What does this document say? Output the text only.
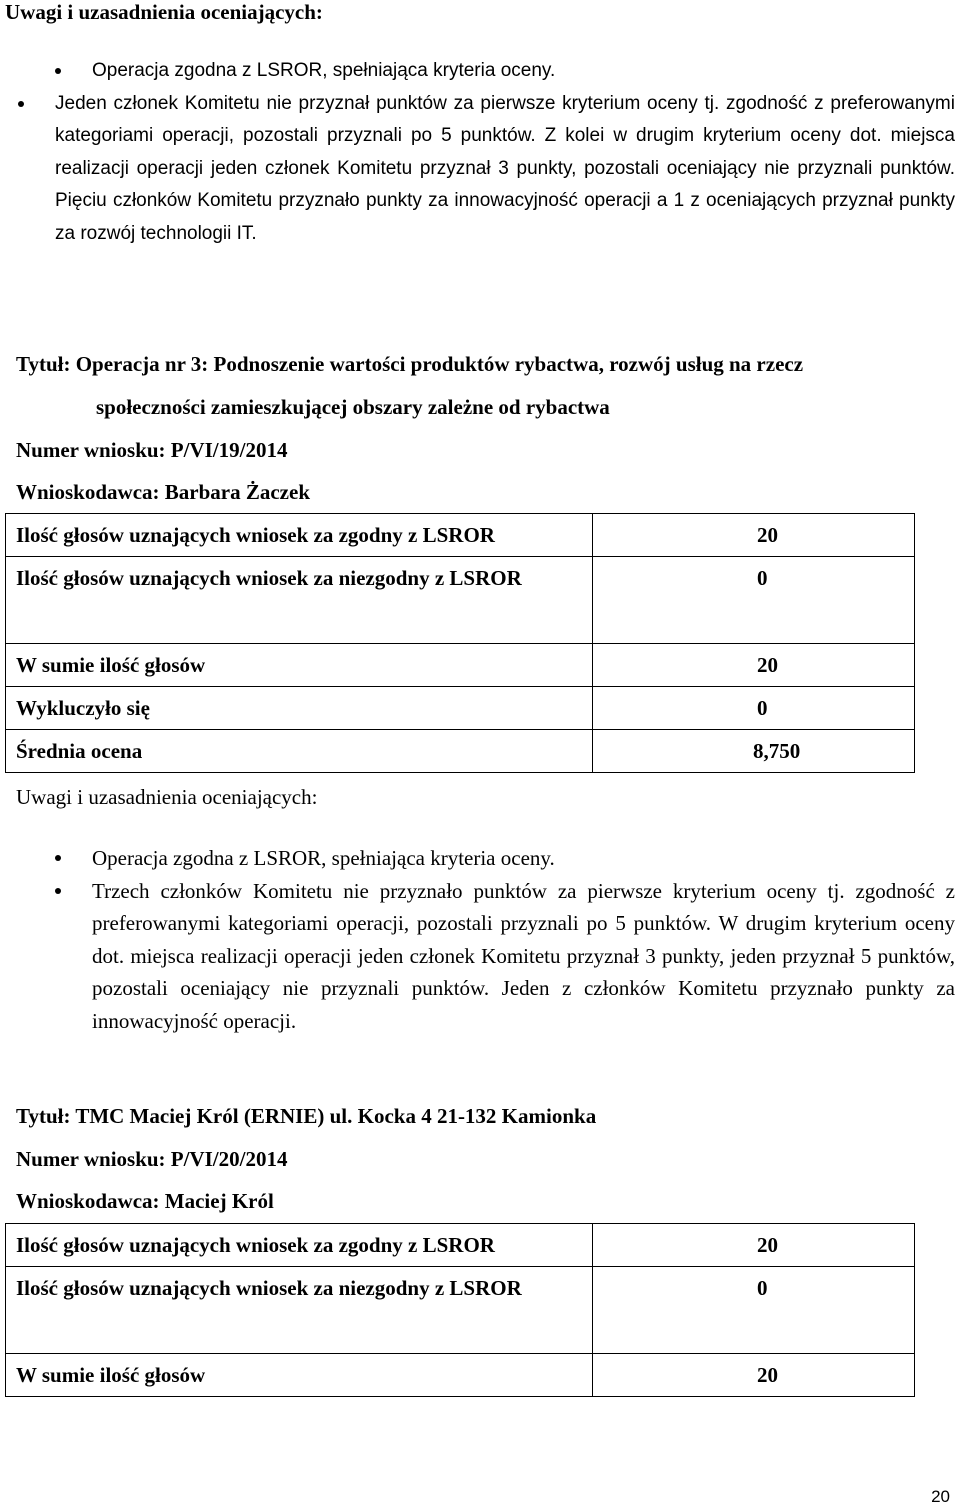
Uwagi i uzasadnienia oceniających:
Operacja zgodna z LSROR, spełniająca kryteria oceny.
Jeden członek Komitetu nie przyznał punktów za pierwsze kryterium oceny tj. zgodność z preferowanymi kategoriami operacji, pozostali przyznali po 5 punktów. Z kolei w drugim kryterium oceny dot. miejsca realizacji operacji jeden członek Komitetu przyznał 3 punkty, pozostali oceniający nie przyznali punktów. Pięciu członków Komitetu przyznało punkty za innowacyjność operacji a 1 z oceniających przyznał punkty za rozwój technologii IT.
Tytuł: Operacja nr 3: Podnoszenie wartości produktów rybactwa, rozwój usług na rzecz
społeczności zamieszkującej obszary zależne od rybactwa
Numer wniosku: P/VI/19/2014
Wnioskodawca: Barbara Żaczek
Ilość głosów uznających wniosek za zgodny z LSROR	20
Ilość głosów uznających wniosek za niezgodny z LSROR	0
W sumie ilość głosów	20
Wykluczyło się	0
Średnia ocena	8,750
Uwagi i uzasadnienia oceniających:
Operacja zgodna z LSROR, spełniająca kryteria oceny.
Trzech członków Komitetu nie przyznało punktów za pierwsze kryterium oceny tj. zgodność z preferowanymi kategoriami operacji, pozostali przyznali po 5 punktów. W drugim kryterium oceny dot. miejsca realizacji operacji jeden członek Komitetu przyznał 3 punkty, jeden przyznał 5 punktów, pozostali oceniający nie przyznali punktów. Jeden z członków Komitetu przyznało punkty za innowacyjność operacji.
Tytuł: TMC Maciej Król (ERNIE) ul. Kocka 4 21-132 Kamionka
Numer wniosku: P/VI/20/2014
Wnioskodawca: Maciej Król
Ilość głosów uznających wniosek za zgodny z LSROR	20
Ilość głosów uznających wniosek za niezgodny z LSROR	0
W sumie ilość głosów	20
20
